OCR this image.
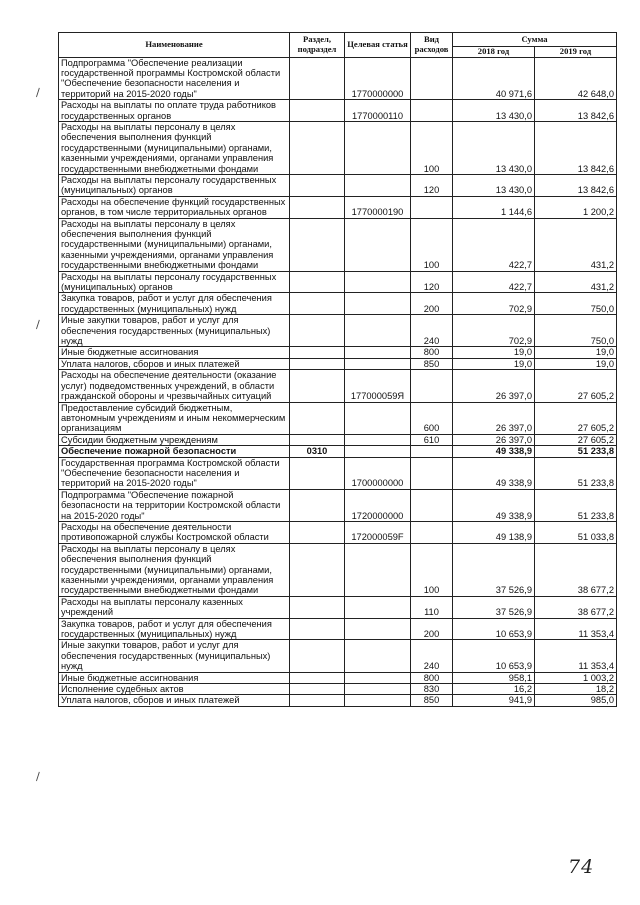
Наименование	Раздел, подраздел	Целевая статья	Вид расходов	Сумма	
				2018 год	2019 год
Подпрограмма "Обеспечение реализации государственной программы Костромской области "Обеспечение безопасности населения и территорий на 2015-2020 годы"		1770000000		40 971,6	42 648,0
Расходы на выплаты по оплате труда работников государственных органов		1770000110		13 430,0	13 842,6
Расходы на выплаты персоналу в целях обеспечения выполнения функций государственными (муниципальными) органами, казенными учреждениями, органами управления государственными внебюджетными фондами			100	13 430,0	13 842,6
Расходы на выплаты персоналу государственных (муниципальных) органов			120	13 430,0	13 842,6
Расходы на обеспечение функций государственных органов, в том числе территориальных органов		1770000190		1 144,6	1 200,2
Расходы на выплаты персоналу в целях обеспечения выполнения функций государственными (муниципальными) органами, казенными учреждениями, органами управления государственными внебюджетными фондами			100	422,7	431,2
Расходы на выплаты персоналу государственных (муниципальных) органов			120	422,7	431,2
Закупка товаров, работ и услуг для обеспечения государственных (муниципальных) нужд			200	702,9	750,0
Иные закупки товаров, работ и услуг для обеспечения государственных (муниципальных) нужд			240	702,9	750,0
Иные бюджетные ассигнования			800	19,0	19,0
Уплата налогов, сборов и иных платежей			850	19,0	19,0
Расходы на обеспечение деятельности (оказание услуг) подведомственных учреждений, в области гражданской обороны и чрезвычайных ситуаций		177000059Я		26 397,0	27 605,2
Предоставление субсидий бюджетным, автономным учреждениям и иным некоммерческим организациям			600	26 397,0	27 605,2
Субсидии бюджетным учреждениям			610	26 397,0	27 605,2
Обеспечение пожарной безопасности	0310			49 338,9	51 233,8
Государственная программа Костромской области "Обеспечение безопасности населения и территорий на 2015-2020 годы"		1700000000		49 338,9	51 233,8
Подпрограмма "Обеспечение пожарной безопасности на территории Костромской области на 2015-2020 годы"		1720000000		49 338,9	51 233,8
Расходы на обеспечение деятельности противопожарной службы Костромской области		172000059F		49 138,9	51 033,8
Расходы на выплаты персоналу в целях обеспечения выполнения функций государственными (муниципальными) органами, казенными учреждениями, органами управления государственными внебюджетными фондами			100	37 526,9	38 677,2
Расходы на выплаты персоналу казенных учреждений			110	37 526,9	38 677,2
Закупка товаров, работ и услуг для обеспечения государственных (муниципальных) нужд			200	10 653,9	11 353,4
Иные закупки товаров, работ и услуг для обеспечения государственных (муниципальных) нужд			240	10 653,9	11 353,4
Иные бюджетные ассигнования			800	958,1	1 003,2
Исполнение судебных актов			830	16,2	18,2
Уплата налогов, сборов и иных платежей			850	941,9	985,0
\
\
\
74
